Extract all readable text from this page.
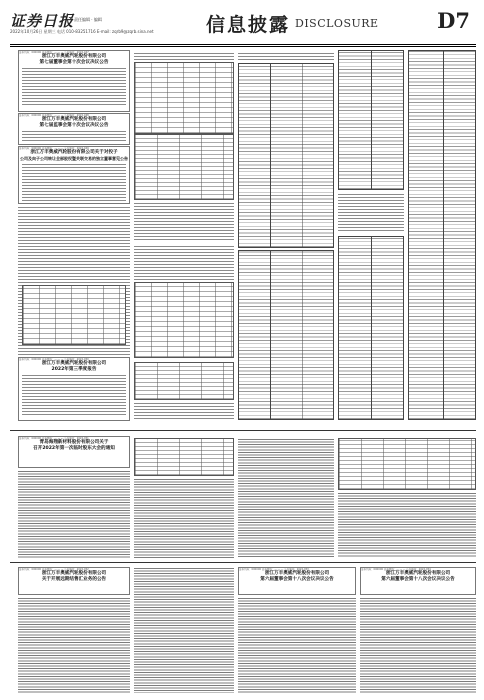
证券日报 责任编辑 · 编辑
2022年10月26日 星期三 电话 010-83251716 E-mail: zqrb9@zqrb.sina.net	信息披露 DISCLOSURE	D7
证券代码：000000 证券简称：— — — 公告编号：2022-047
浙江万丰奥威汽轮股份有限公司
第七届董事会第十次会议决议公告
证券代码：000000 证券简称：— — — 公告编号：2022-048
浙江万丰奥威汽轮股份有限公司
第七届监事会第十次会议决议公告
证券代码：000000 证券简称：— — — 公告编号：2022-049
浙江万丰奥威汽轮股份有限公司关于对投子
公司及向子公司转让全部股权暨关联交易的独立董事意见公告
证券代码：000000 证券简称：— — — 公告编号：2022-050
浙江万丰奥威汽轮股份有限公司
2022年第三季度报告
证券代码：000000 证券简称：— — — 公告编号：2022-051
青岛海翔新材料股份有限公司关于
召开2022年第一次临时股东大会的通知
证券代码：000000 证券简称：— — — 公告编号：2022-052
浙江万丰奥威汽轮股份有限公司
关于开展远期结售汇业务的公告
证券代码：000000 证券简称：— — — 公告编号：2022-053
浙江万丰奥威汽轮股份有限公司
第六届董事会第十八次会议决议公告
证券代码：000000 证券简称：— — — 公告编号：2022-054
浙江万丰奥威汽轮股份有限公司
第六届董事会第十八次会议决议公告
